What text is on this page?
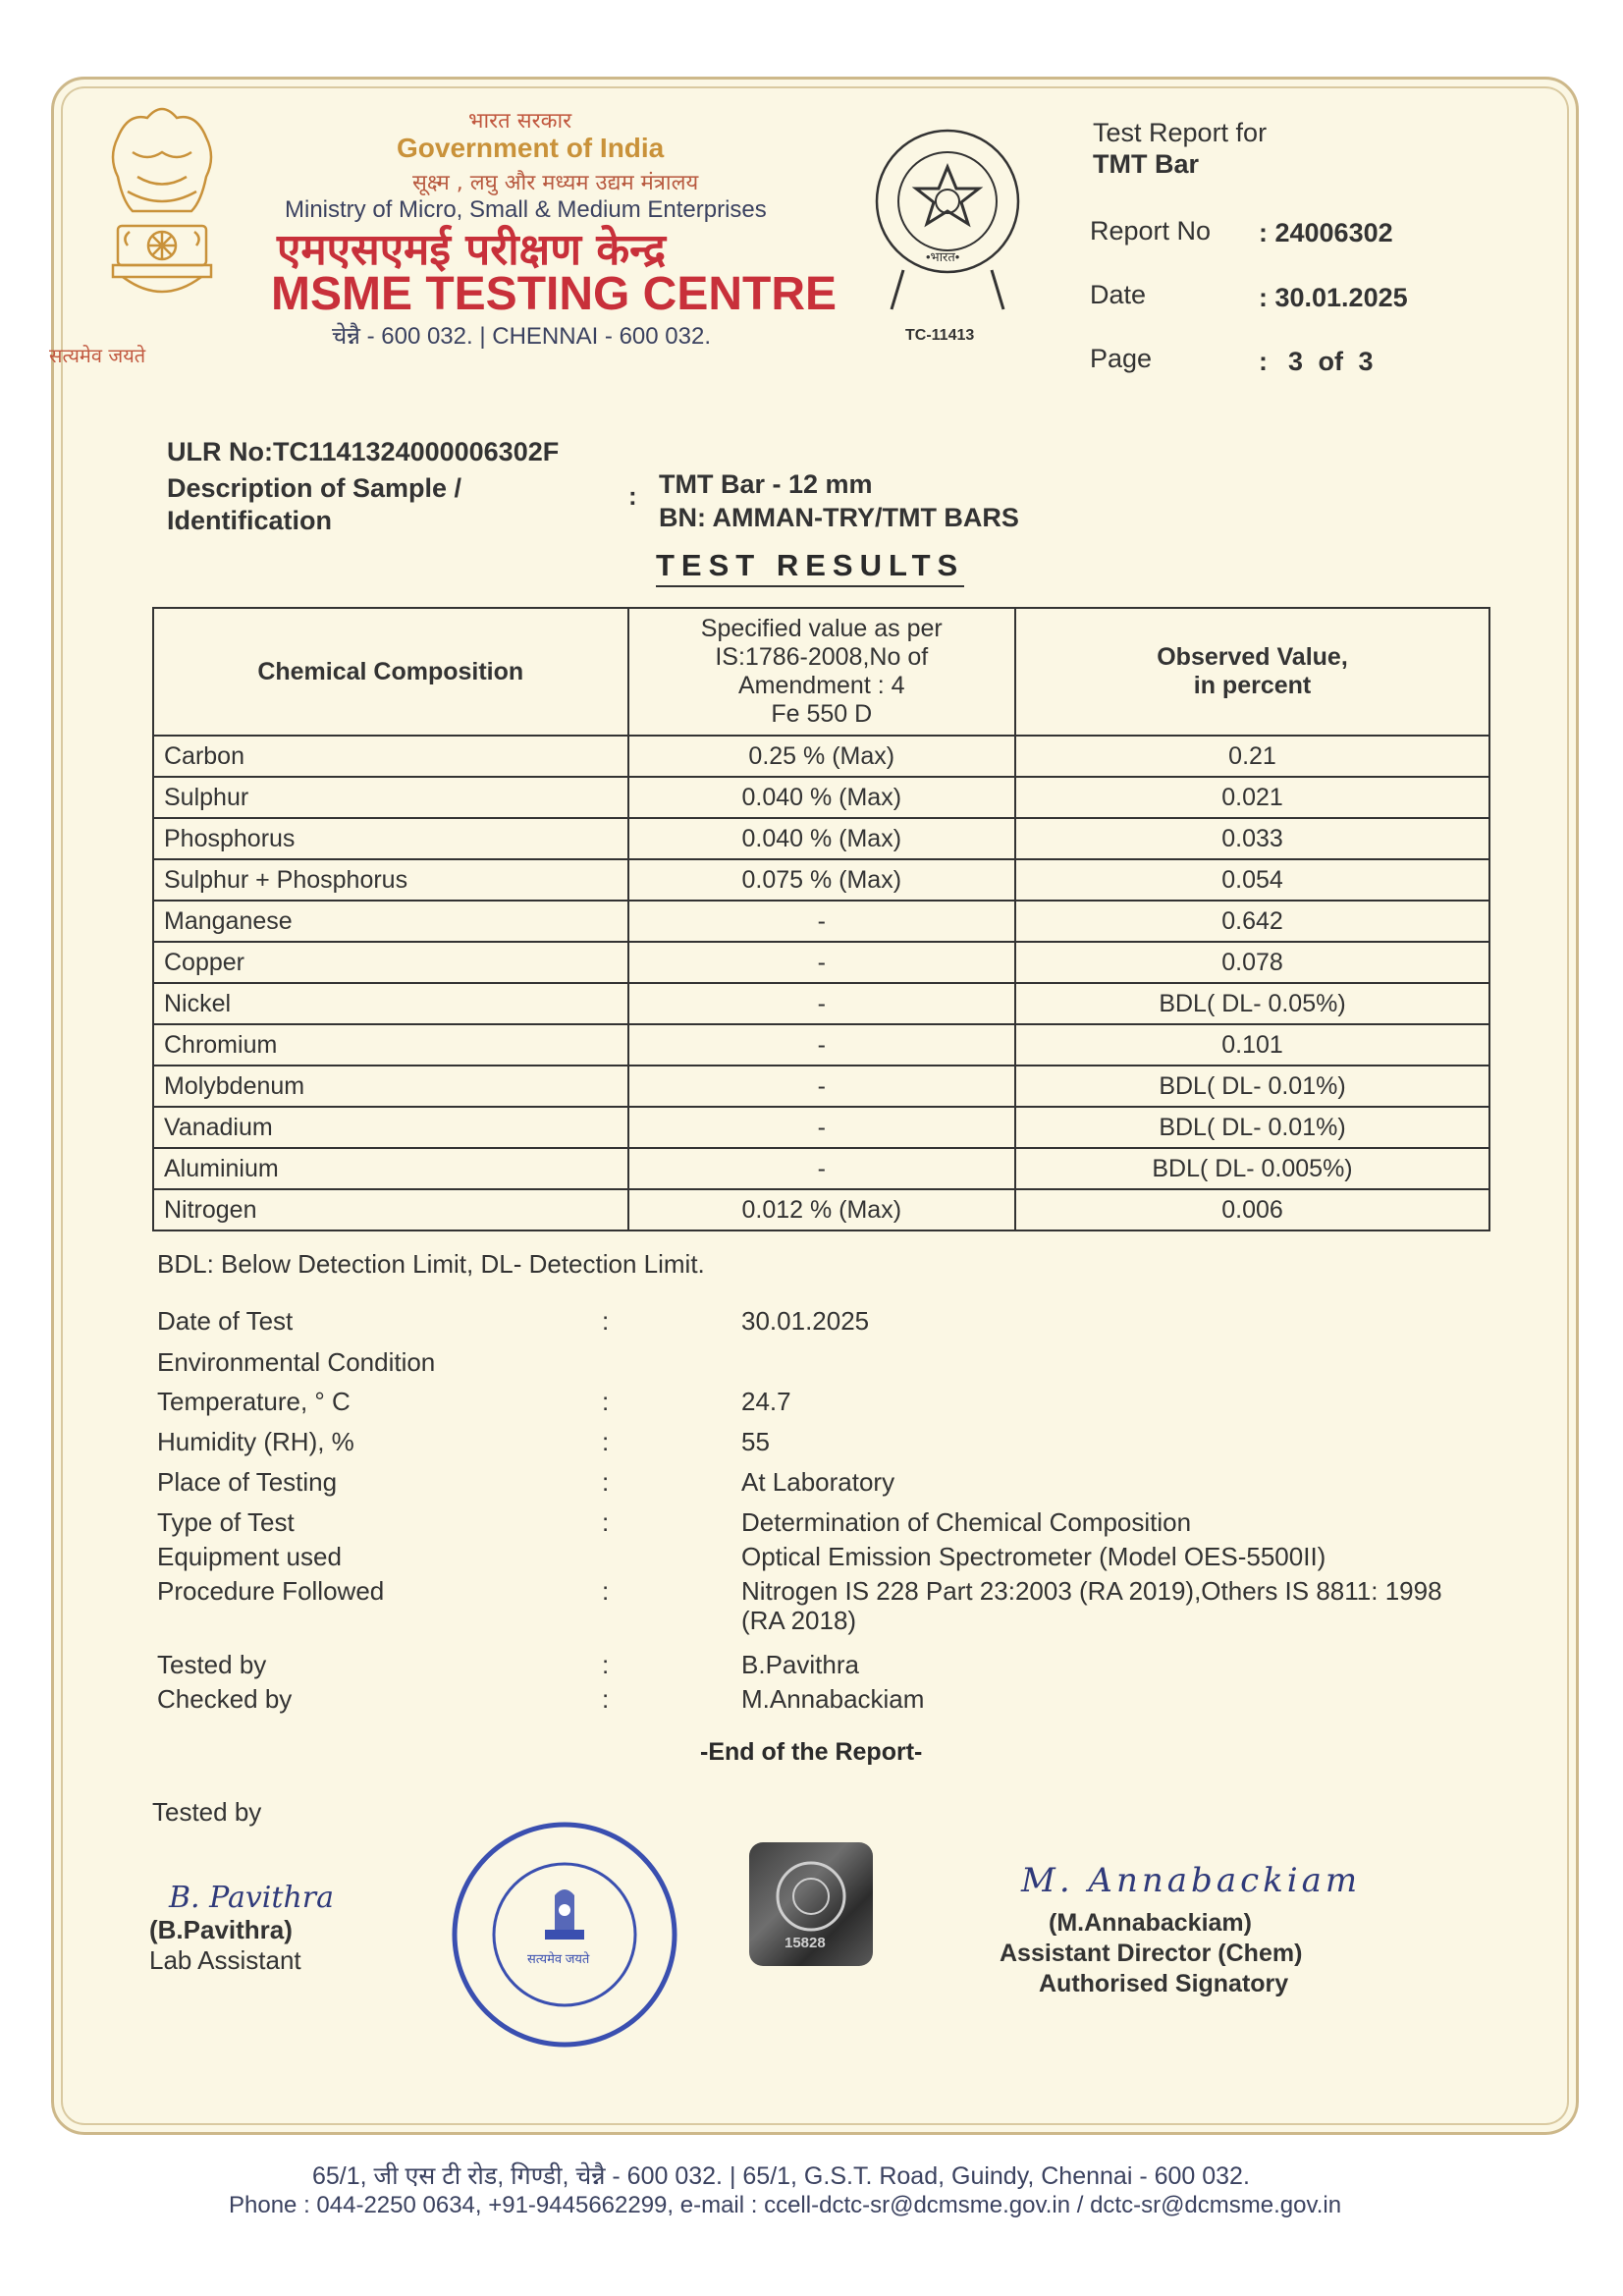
सत्यमेव जयते
भारत सरकार
Government of India
सूक्ष्म , लघु और मध्यम उद्यम मंत्रालय
Ministry of Micro, Small & Medium Enterprises
एमएसएमई परीक्षण केन्द्र
MSME TESTING CENTRE
चेन्नै - 600 032. | CHENNAI - 600 032.
•भारत•
TC-11413
Test Report for
TMT Bar
Report No : 24006302
Date	: 30.01.2025
Page	: 3 of 3
ULR No:TC1141324000006302F
Description of Sample /
Identification
: TMT Bar - 12 mm
BN: AMMAN-TRY/TMT BARS
TEST RESULTS
Chemical Composition	Specified value as per
IS:1786-2008,No of
Amendment : 4
Fe 550 D	Observed Value,
in percent
Carbon	0.25 % (Max)	0.21
Sulphur	0.040 % (Max)	0.021
Phosphorus	0.040 % (Max)	0.033
Sulphur + Phosphorus	0.075 % (Max)	0.054
Manganese	-	0.642
Copper	-	0.078
Nickel	-	BDL( DL- 0.05%)
Chromium	-	0.101
Molybdenum	-	BDL( DL- 0.01%)
Vanadium	-	BDL( DL- 0.01%)
Aluminium	-	BDL( DL- 0.005%)
Nitrogen	0.012 % (Max)	0.006
BDL: Below Detection Limit, DL- Detection Limit.
Date of Test	:	30.01.2025
Environmental Condition
Temperature, ° C	:	24.7
Humidity (RH), %	:	55
Place of Testing	:	At Laboratory
Type of Test	:	Determination of Chemical Composition
Equipment used	Optical Emission Spectrometer (Model OES-5500II)
Procedure Followed	:	Nitrogen IS 228 Part 23:2003 (RA 2019),Others IS 8811: 1998
(RA 2018)
Tested by	:	B.Pavithra
Checked by	:	M.Annabackiam
-End of the Report-
Tested by
B. Pavithra
(B.Pavithra)
Lab Assistant	सत्यमेव जयते
15828
M. Annabackiam
(M.Annabackiam)
Assistant Director (Chem)
Authorised Signatory
65/1, जी एस टी रोड, गिण्डी, चेन्नै - 600 032. | 65/1, G.S.T. Road, Guindy, Chennai - 600 032.
Phone : 044-2250 0634, +91-9445662299, e-mail : ccell-dctc-sr@dcmsme.gov.in / dctc-sr@dcmsme.gov.in
